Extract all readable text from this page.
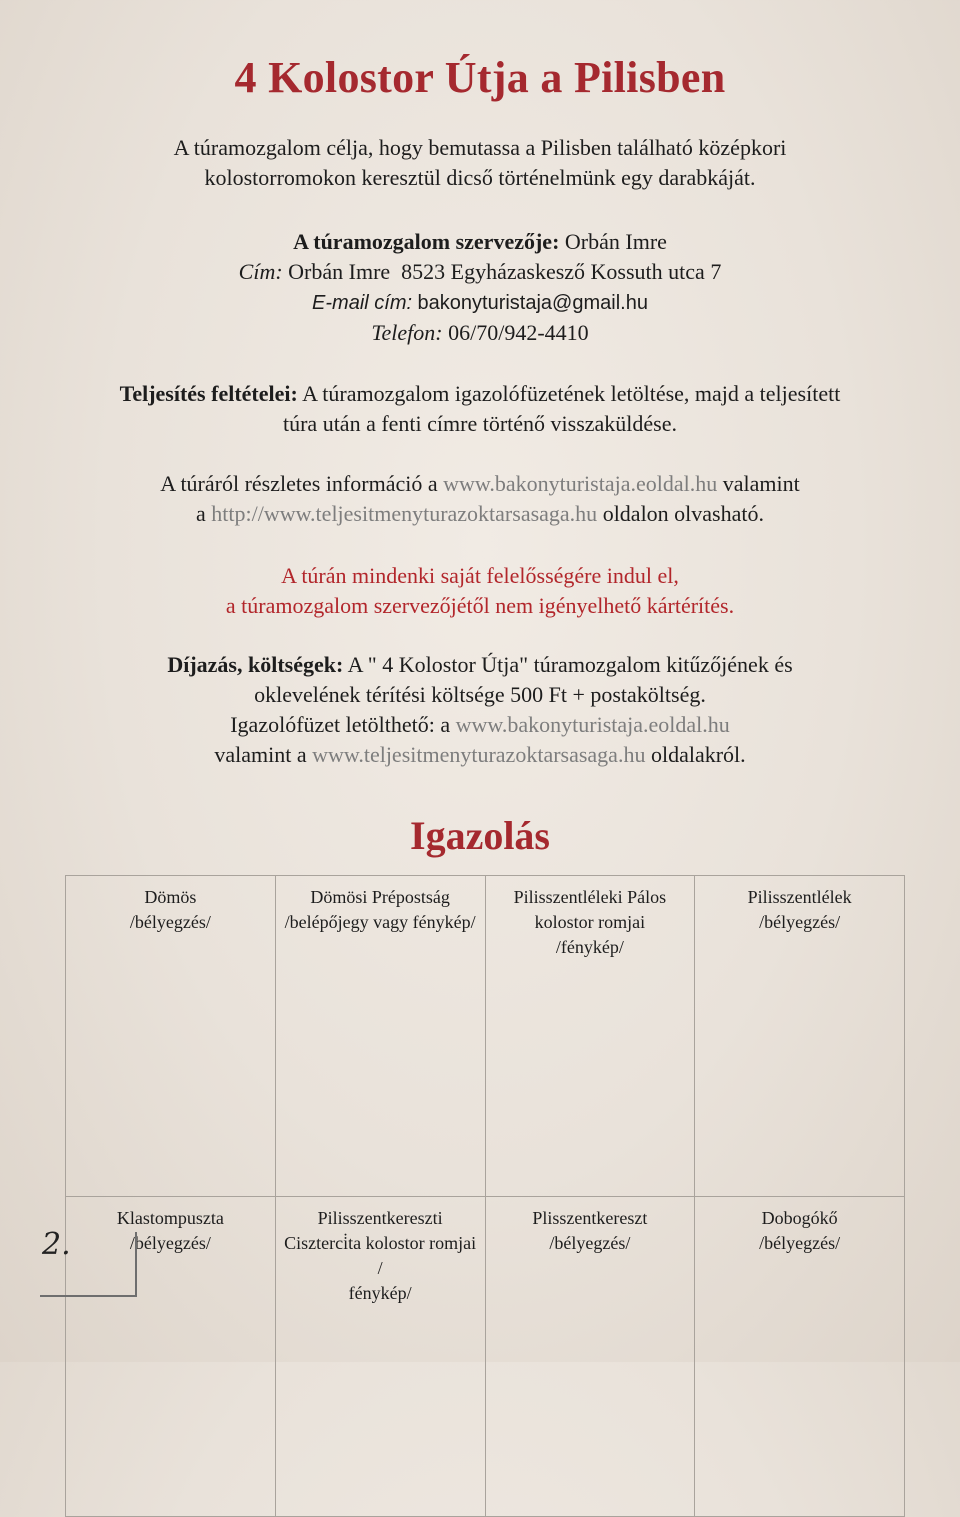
4 Kolostor Útja a Pilisben
A túramozgalom célja, hogy bemutassa a Pilisben található középkori
kolostorromokon keresztül dicső történelmünk egy darabkáját.
A túramozgalom szervezője: Orbán Imre
Cím: Orbán Imre  8523 Egyházaskesző Kossuth utca 7
E-mail cím: bakonyturistaja@gmail.hu
Telefon: 06/70/942-4410
Teljesítés feltételei: A túramozgalom igazolófüzetének letöltése, majd a teljesített
túra után a fenti címre történő visszaküldése.
A túráról részletes információ a www.bakonyturistaja.eoldal.hu valamint
a http://www.teljesitmenyturazoktarsasaga.hu oldalon olvasható.
A túrán mindenki saját felelősségére indul el,
a túramozgalom szervezőjétől nem igényelhető kártérítés.
Díjazás, költségek: A " 4 Kolostor Útja" túramozgalom kitűzőjének és
oklevelének térítési költsége 500 Ft + postaköltség.
Igazolófüzet letölthető: a www.bakonyturistaja.eoldal.hu
valamint a www.teljesitmenyturazoktarsasaga.hu oldalakról.
Igazolás
Dömös
/bélyegzés/	Dömösi Prépostság
/belépőjegy vagy fénykép/	Pilisszentléleki Pálos kolostor romjai
/fénykép/	Pilisszentlélek
/bélyegzés/

Klastompuszta
/bélyegzés/	Pilisszentkereszti Ciszterci̇ta kolostor romjai /
fénykép/	Plisszentkereszt
/bélyegzés/	Dobogókő
/bélyegzés/
2.
